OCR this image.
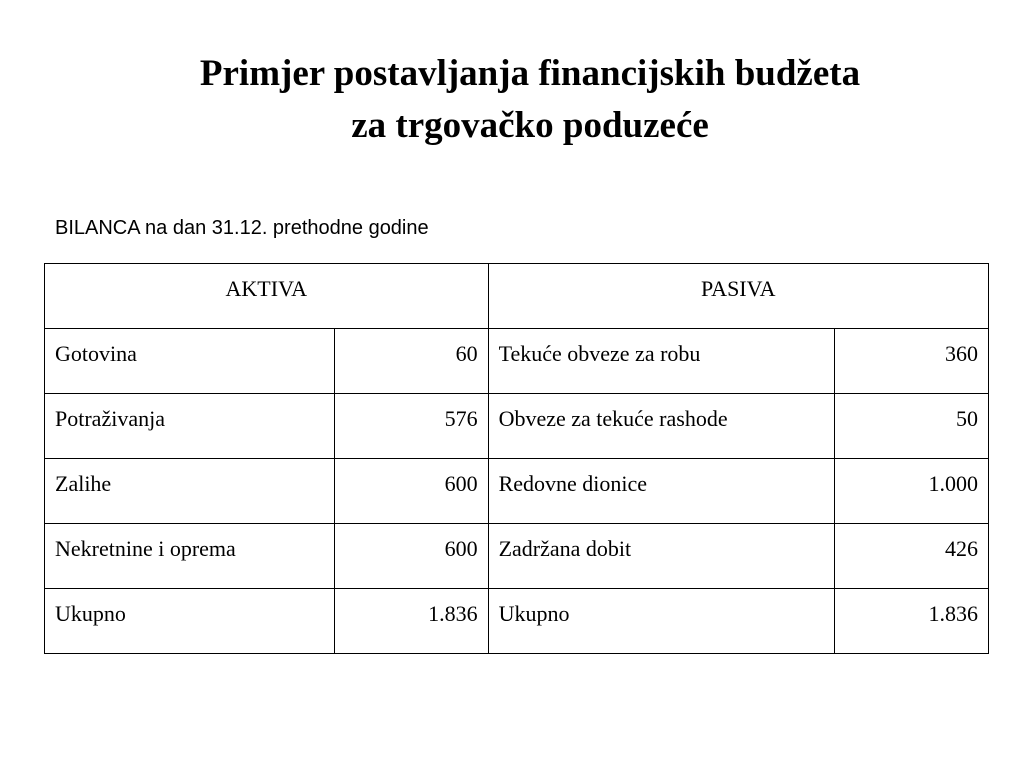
Primjer postavljanja financijskih budžeta
za trgovačko poduzeće
BILANCA na dan 31.12. prethodne godine
AKTIVA		PASIVA	
Gotovina	60	Tekuće obveze za robu	360
Potraživanja	576	Obveze za tekuće rashode	50
Zalihe	600	Redovne dionice	1.000
Nekretnine i oprema	600	Zadržana dobit	426
Ukupno	1.836	Ukupno	1.836
